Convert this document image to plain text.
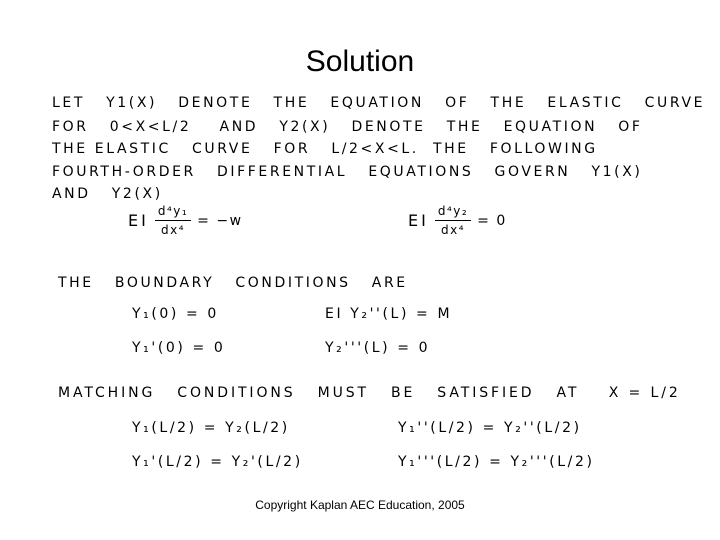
Solution
LET   Y1(X)   DENOTE   THE   EQUATION   OF   THE   ELASTIC   CURVE
FOR   0<X<L/2    AND   Y2(X)   DENOTE   THE   EQUATION   OF
THE ELASTIC   CURVE   FOR   L/2<X<L.  THE   FOLLOWING
FOURTH-ORDER   DIFFERENTIAL   EQUATIONS   GOVERN   Y1(X)
AND   Y2(X)
EI $\frac{\text{d⁴y₁}}{\text{dx⁴}} = -w$	EI $\frac{\text{d⁴y₂}}{\text{dx⁴}} = 0$
THE   BOUNDARY   CONDITIONS   ARE
Y₁(0) = 0	EI Y₂''(L) = M
Y₁'(0) = 0	Y₂'''(L) = 0
MATCHING   CONDITIONS   MUST   BE   SATISFIED   AT    X = L/2
Y₁(L/2) = Y₂(L/2)	Y₁''(L/2) = Y₂''(L/2)
Y₁'(L/2) = Y₂'(L/2)	Y₁'''(L/2) = Y₂'''(L/2)
Copyright Kaplan AEC Education, 2005
